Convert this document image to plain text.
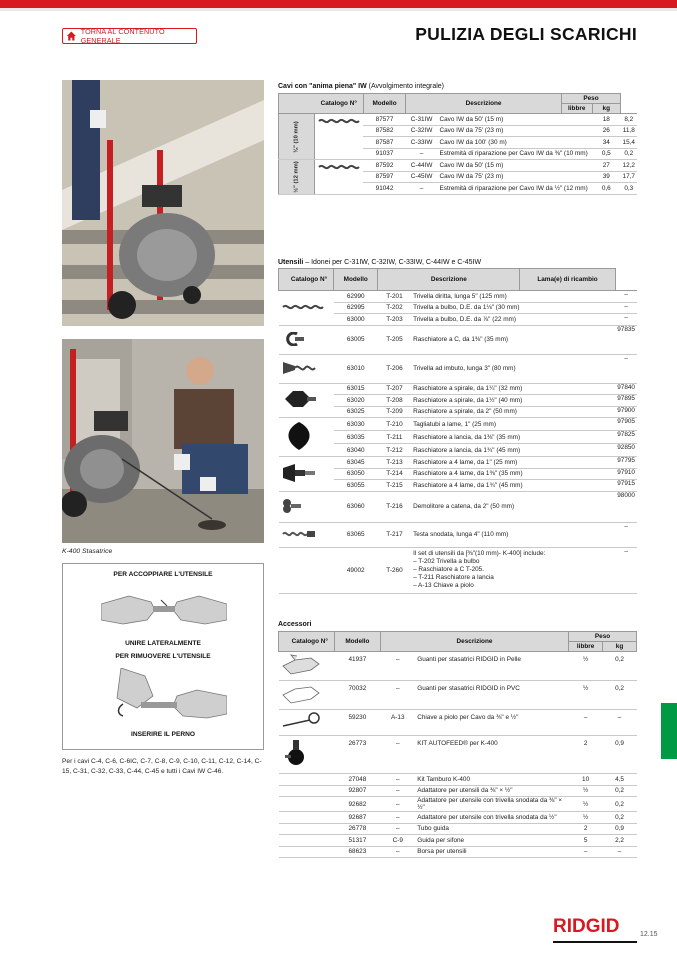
TORNA AL CONTENUTO GENERALE	PULIZIA DEGLI SCARICHI
Cavi con "anima piena" IW (Avvolgimento integrale)
Catalogo N°		Modello	Descrizione		Peso		
					libbre	kg	
⅜" (10 mm)		87577	C-31IW	Cavo IW da 50' (15 m)		18	8,2
		87582	C-32IW	Cavo IW da 75' (23 m)		26	11,8
		87587	C-33IW	Cavo IW da 100' (30 m)		34	15,4
		91037	–	Estremità di riparazione per Cavo IW da ⅜" (10 mm)		0,5	0,2
½" (12 mm)		87592	C-44IW	Cavo IW da 50' (15 m)		27	12,2
		87597	C-45IW	Cavo IW da 75' (23 m)		39	17,7
		91042	–	Estremità di riparazione per Cavo IW da ½" (12 mm)		0,6	0,3
Utensili – Idonei per C-31IW, C-32IW, C-33IW, C-44IW e C-45IW
Catalogo N°	Modello	Descrizione		Lama(e) di ricambio	
	62990	T-201	Trivella diritta, lunga 5" (125 mm)		–
	62995	T-202	Trivella a bulbo, D.E. da 1⅛" (30 mm)		–
	63000	T-203	Trivella a bulbo, D.E. da ⅞" (22 mm)		–
	63005	T-205	Raschiatore a C, da 1⅜" (35 mm)		97835
	63010	T-206	Trivella ad imbuto, lunga 3" (80 mm)		–
	63015	T-207	Raschiatore a spirale, da 1¼" (32 mm)		97840
	63020	T-208	Raschiatore a spirale, da 1½" (40 mm)		97895
	63025	T-209	Raschiatore a spirale, da 2" (50 mm)		97900
	63030	T-210	Tagliatubi a lame, 1" (25 mm)		97905
	63035	T-211	Raschiatore a lancia, da 1⅜" (35 mm)		97825
	63040	T-212	Raschiatore a lancia, da 1¾" (45 mm)		92850
	63045	T-213	Raschiatore a 4 lame, da 1" (25 mm)		97795
	63050	T-214	Raschiatore a 4 lame, da 1⅜" (35 mm)		97910
	63055	T-215	Raschiatore a 4 lame, da 1¾" (45 mm)		97915
	63060	T-216	Demolitore a catena, da 2" (50 mm)		98000
	63065	T-217	Testa snodata, lunga 4" (110 mm)		–
	49002	T-260	Il set di utensili da [⅜"(10 mm)- K-400] include:
– T-202 Trivella a bulbo
– Raschiatore a C T-205.
– T-211 Raschiatore a lancia
– A-13 Chiave a piolo		–
Accessori
Catalogo N°	Modello	Descrizione		Peso	
				libbre	kg
	41937	–	Guanti per stasatrici RIDGID in Pelle	½	0,2
	70032	–	Guanti per stasatrici RIDGID in PVC	½	0,2
	59230	A-13	Chiave a piolo per Cavo da ⅜" e ½"	–	–
	26773	–	KIT AUTOFEED® per K-400	2	0,9
	27048	–	Kit Tamburo K-400	10	4,5
	92807	–	Adattatore per utensili da ⅜" × ½"	½	0,2
	92682	–	Adattatore per utensile con trivella snodata da ⅜" × ½"	½	0,2
	92687	–	Adattatore per utensile con trivella snodata da ½"	½	0,2
	26778	–	Tubo guida	2	0,9
	51317	C-9	Guida per sifone	5	2,2
	68623	–	Borsa per utensili	–	–
K-400 Stasatrice
PER ACCOPPIARE L'UTENSILE
UNIRE LATERALMENTE
PER RIMUOVERE L'UTENSILE
INSERIRE IL PERNO
Per i cavi C-4, C-6, C-6IC, C-7, C-8, C-9, C-10, C-11, C-12, C-14, C-15, C-31, C-32, C-33, C-44, C-45 e tutti i Cavi IW C-46.
RIDGID	12.15
